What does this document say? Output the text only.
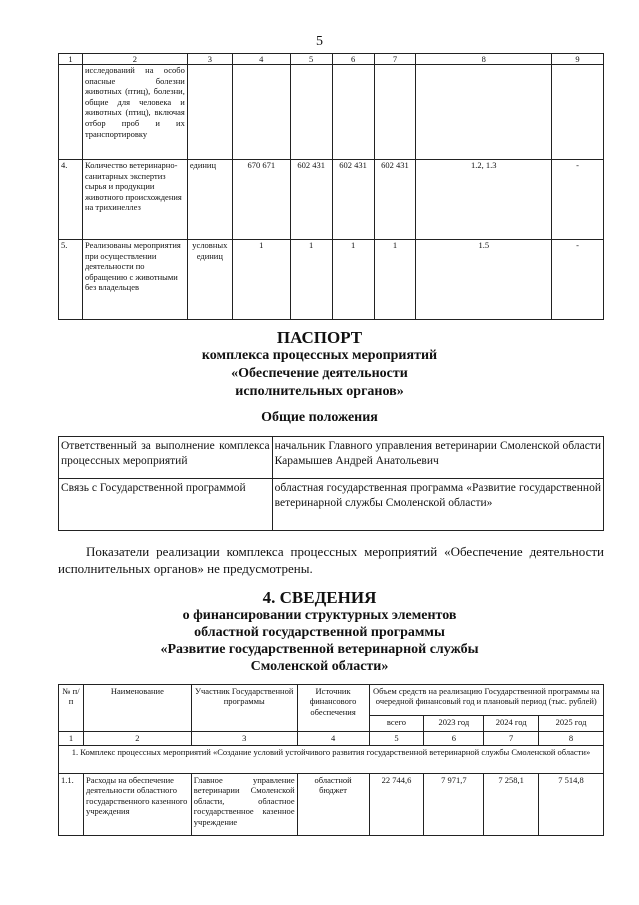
5
1	2	3	4	5	6	7	8	9
	исследований на особо опасные болезни животных (птиц), болезни, общие для человека и животных (птиц), включая отбор проб и их транспортировку							
4.	Количество ветеринарно-санитарных экспертиз сырья и продукции животного происхождения на трихинеллез	единиц	670 671	602 431	602 431	602 431	1.2, 1.3	-
5.	Реализованы мероприятия при осуществлении деятельности по обращению с животными без владельцев	условных единиц	1	1	1	1	1.5	-
ПАСПОРТ
комплекса процессных мероприятий
«Обеспечение деятельности
исполнительных органов»
Общие положения
Ответственный за выполнение комплекса процессных мероприятий	начальник Главного управления ветеринарии Смоленской области Карамышев Андрей Анатольевич
Связь с Государственной программой	областная государственная программа «Развитие государственной ветеринарной службы Смоленской области»
Показатели реализации комплекса процессных мероприятий «Обеспечение деятельности исполнительных органов» не предусмотрены.
4. СВЕДЕНИЯ
о финансировании структурных элементов
областной государственной программы
«Развитие государственной ветеринарной службы
Смоленской области»
№ п/п	Наименование	Участник Государственной программы	Источник финансового обеспечения	Объем средств на реализацию Государственной программы на очередной финансовый год и плановый период (тыс. рублей)			
				всего	2023 год	2024 год	2025 год
1	2	3	4	5	6	7	8
1. Комплекс процессных мероприятий «Создание условий устойчивого развития государственной ветеринарной службы Смоленской области»							
1.1.	Расходы на обеспечение деятельности областного государственного казенного учреждения	Главное управление ветеринарии Смоленской области, областное государственное казенное учреждение	областной бюджет	22 744,6	7 971,7	7 258,1	7 514,8
